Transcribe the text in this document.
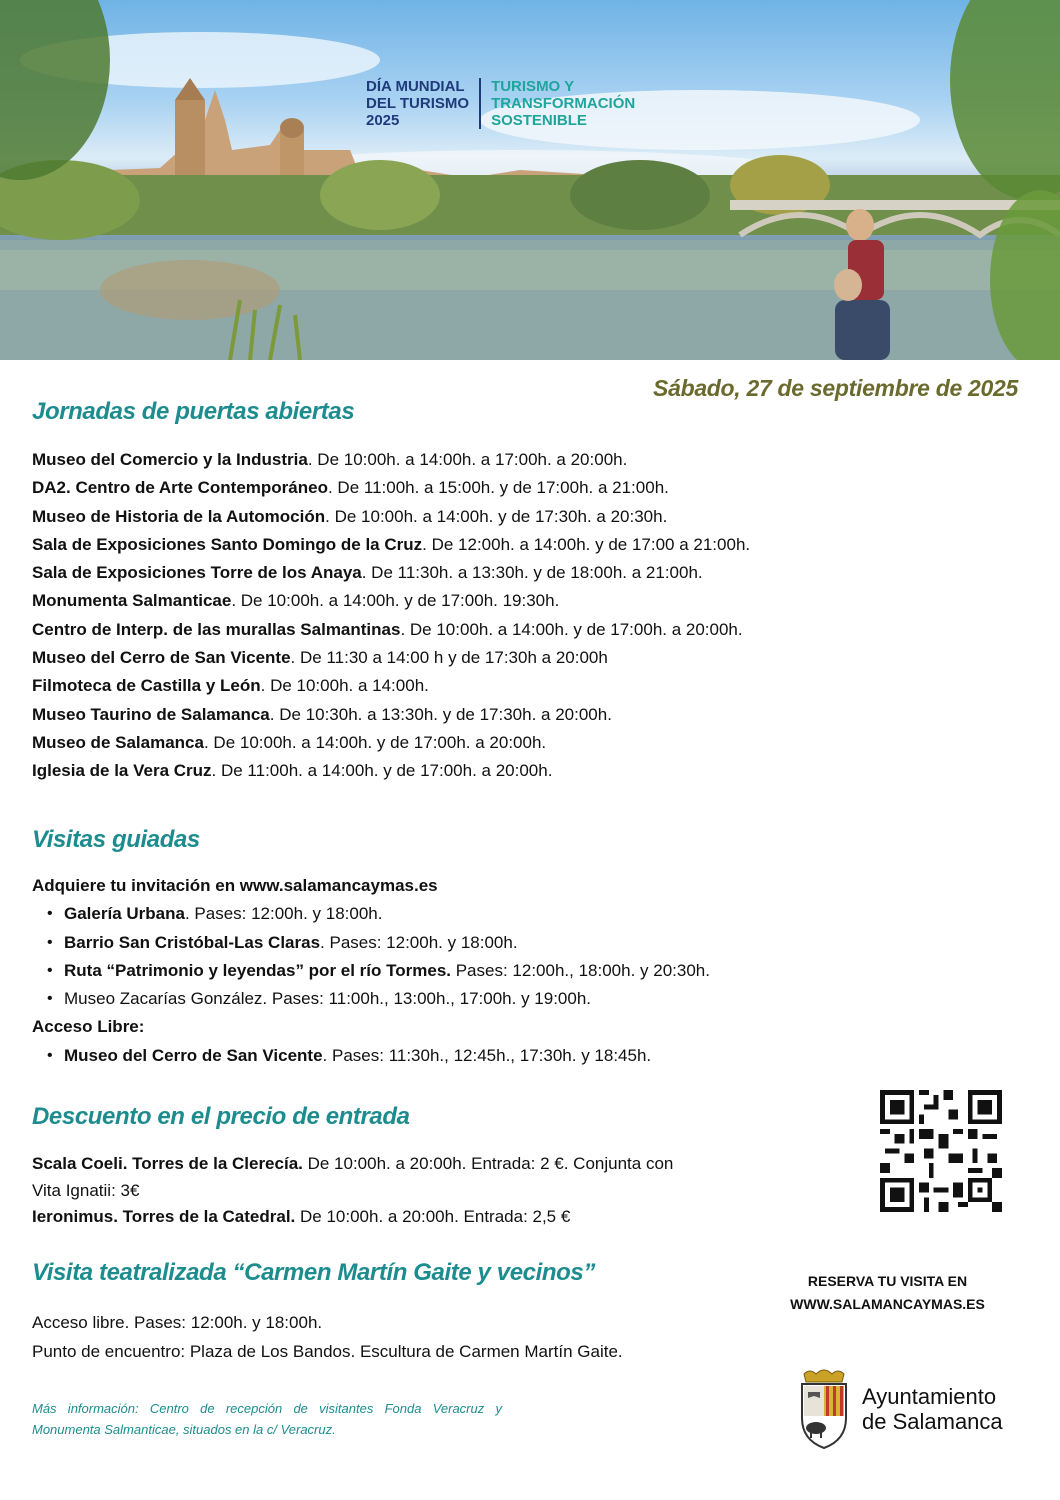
DÍA MUNDIAL
DEL TURISMO
2025
TURISMO Y
TRANSFORMACIÓN
SOSTENIBLE
Sábado, 27 de septiembre de 2025
Jornadas de puertas abiertas
Museo del Comercio y la Industria. De 10:00h. a 14:00h. a 17:00h. a 20:00h.
DA2. Centro de Arte Contemporáneo. De 11:00h. a 15:00h. y de 17:00h. a 21:00h.
Museo de Historia de la Automoción. De 10:00h. a 14:00h. y de 17:30h. a 20:30h.
Sala de Exposiciones Santo Domingo de la Cruz. De 12:00h. a 14:00h. y de 17:00 a 21:00h.
Sala de Exposiciones Torre de los Anaya. De 11:30h. a 13:30h. y de 18:00h. a 21:00h.
Monumenta Salmanticae. De 10:00h. a 14:00h. y de 17:00h. 19:30h.
Centro de Interp. de las murallas Salmantinas. De 10:00h. a 14:00h. y de 17:00h. a 20:00h.
Museo del Cerro de San Vicente. De 11:30 a 14:00 h y de 17:30h a 20:00h
Filmoteca de Castilla y León. De 10:00h. a 14:00h.
Museo Taurino de Salamanca. De 10:30h. a 13:30h. y de 17:30h. a 20:00h.
Museo de Salamanca. De 10:00h. a 14:00h. y de 17:00h. a 20:00h.
Iglesia de la Vera Cruz. De 11:00h. a 14:00h. y de 17:00h. a 20:00h.
Visitas guiadas
Adquiere tu invitación en www.salamancaymas.es
• Galería Urbana. Pases: 12:00h. y 18:00h.
• Barrio San Cristóbal-Las Claras. Pases: 12:00h. y 18:00h.
• Ruta “Patrimonio y leyendas” por el río Tormes. Pases: 12:00h., 18:00h. y 20:30h.
• Museo Zacarías González. Pases: 11:00h., 13:00h., 17:00h. y 19:00h.
Acceso Libre:
• Museo del Cerro de San Vicente. Pases: 11:30h., 12:45h., 17:30h. y 18:45h.
Descuento en el precio de entrada
Scala Coeli. Torres de la Clerecía. De 10:00h. a 20:00h. Entrada: 2 €. Conjunta con
Vita Ignatii: 3€
Ieronimus. Torres de la Catedral. De 10:00h. a 20:00h. Entrada: 2,5 €
Visita teatralizada “Carmen Martín Gaite y vecinos”
Acceso libre. Pases: 12:00h. y 18:00h.
Punto de encuentro: Plaza de Los Bandos. Escultura de Carmen Martín Gaite.
RESERVA TU VISITA EN
WWW.SALAMANCAYMAS.ES
Más información: Centro de recepción de visitantes Fonda Veracruz y Monumenta Salmanticae, situados en la c/ Veracruz.
Ayuntamiento
de Salamanca
